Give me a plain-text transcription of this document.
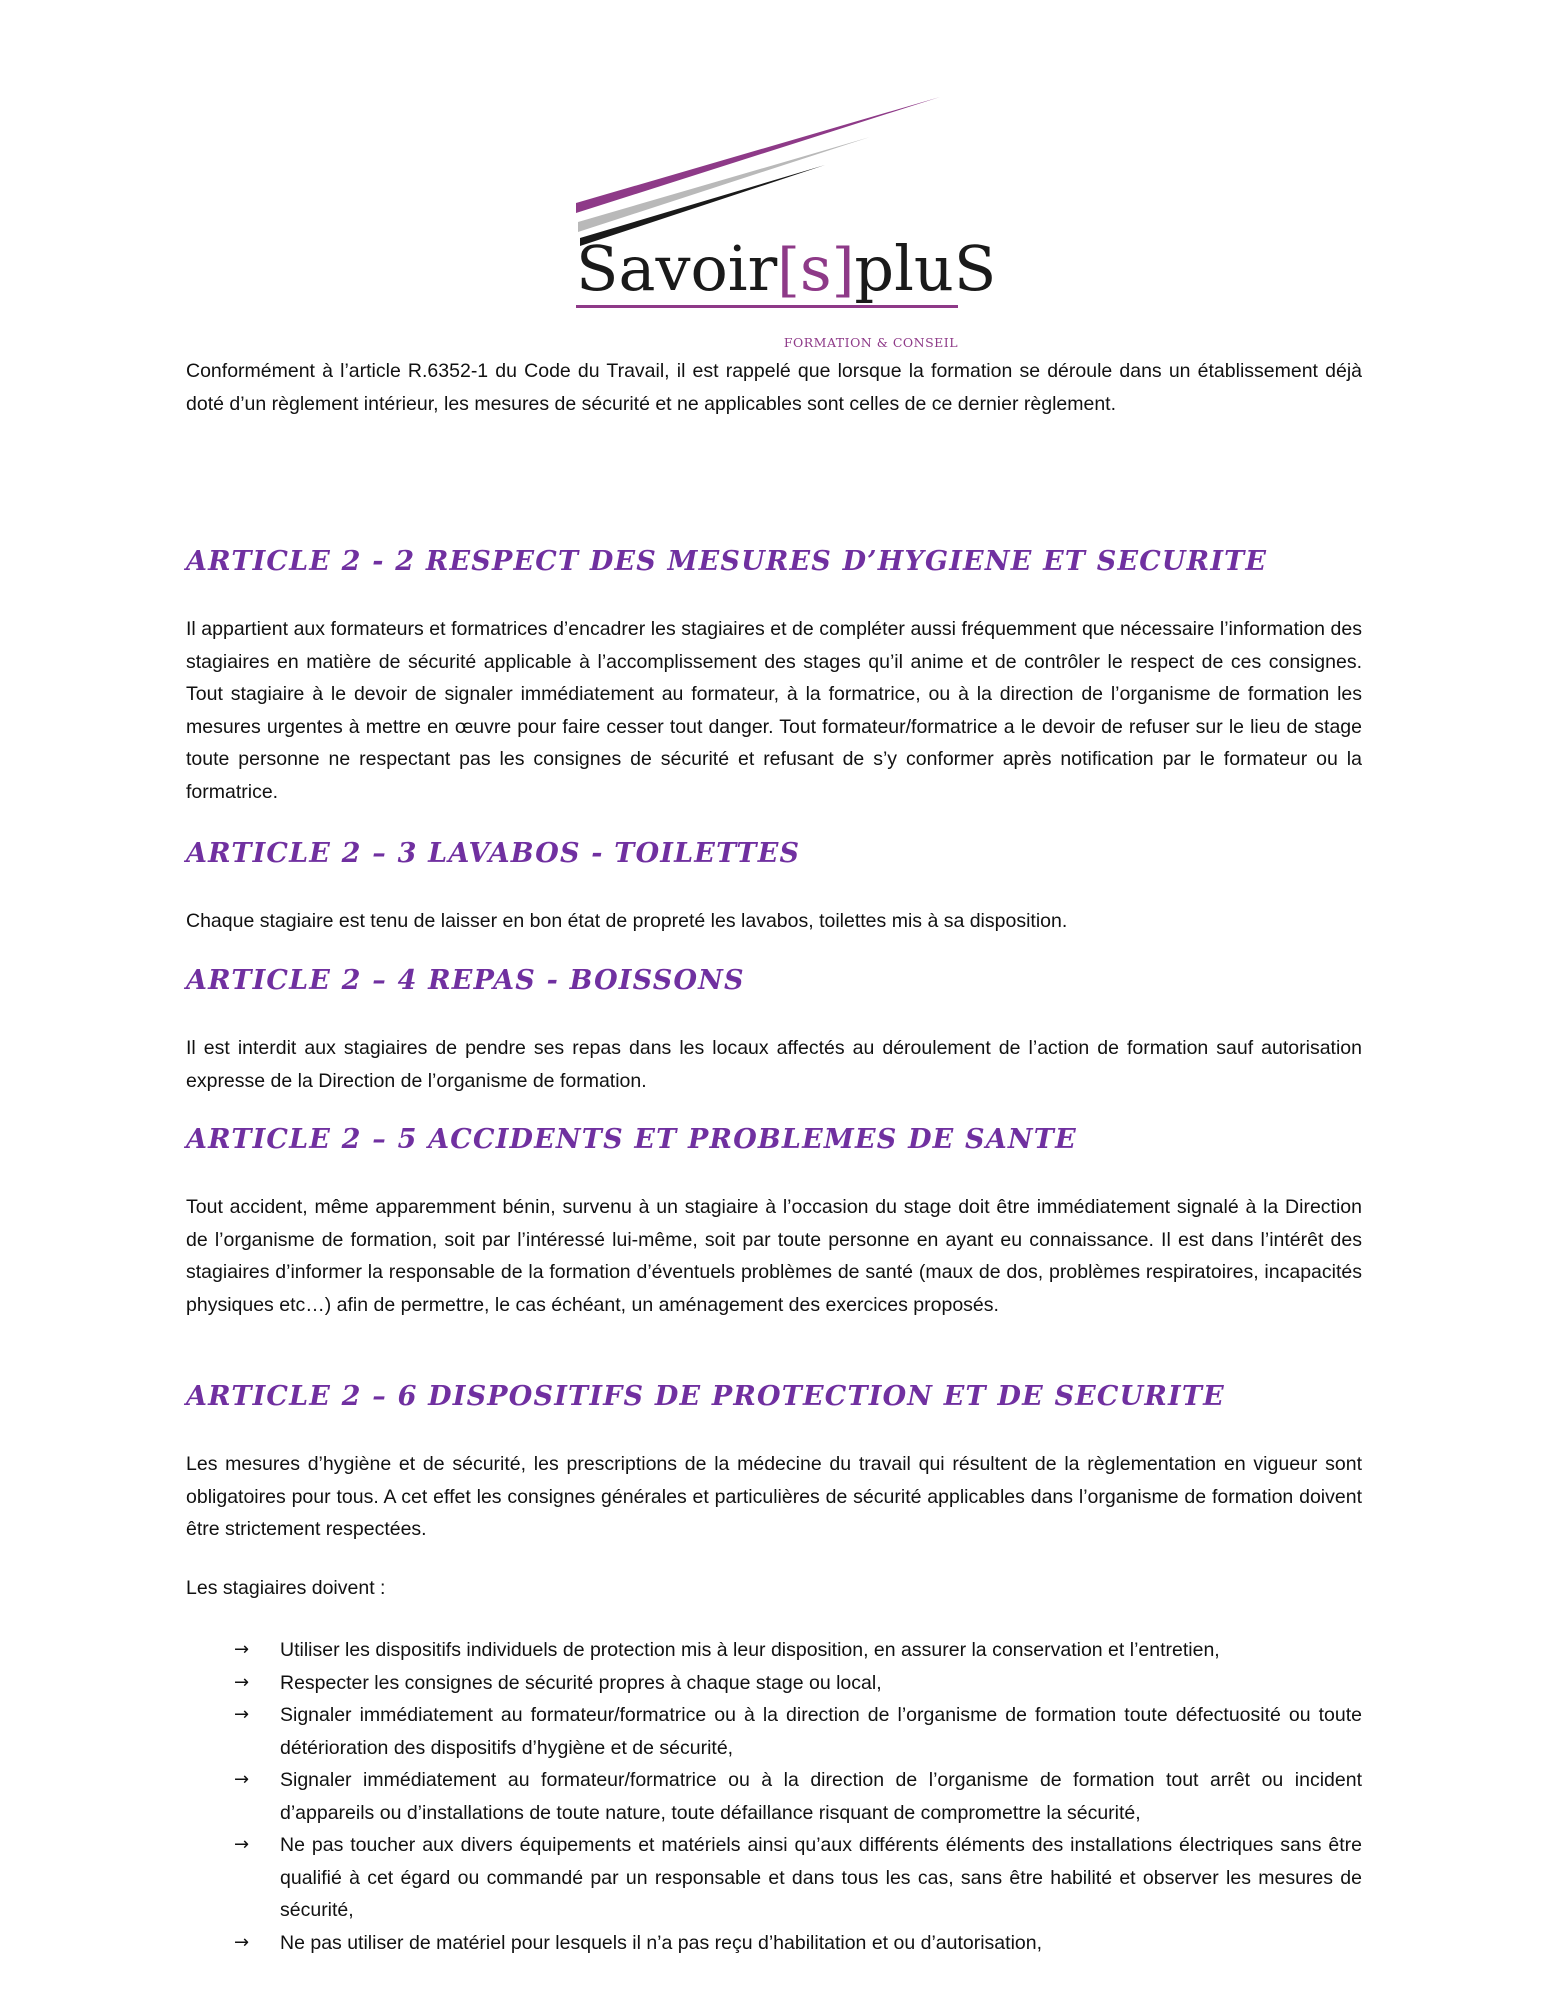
Savoir[s]pluS
FORMATION & CONSEIL

Conformément à l’article R.6352-1 du Code du Travail, il est rappelé que lorsque la formation se déroule dans un établissement déjà doté d’un règlement intérieur, les mesures de sécurité et ne applicables sont celles de ce dernier règlement.

ARTICLE 2 - 2 RESPECT DES MESURES D’HYGIENE ET SECURITE

Il appartient aux formateurs et formatrices d’encadrer les stagiaires et de compléter aussi fréquemment que nécessaire l’information des stagiaires en matière de sécurité applicable à l’accomplissement des stages qu’il anime et de contrôler le respect de ces consignes. Tout stagiaire à le devoir de signaler immédiatement au formateur, à la formatrice, ou à la direction de l’organisme de formation les mesures urgentes à mettre en œuvre pour faire cesser tout danger. Tout formateur/formatrice a le devoir de refuser sur le lieu de stage toute personne ne respectant pas les consignes de sécurité et refusant de s’y conformer après notification par le formateur ou la formatrice.

ARTICLE 2 – 3 LAVABOS - TOILETTES

Chaque stagiaire est tenu de laisser en bon état de propreté les lavabos, toilettes mis à sa disposition.

ARTICLE 2 – 4 REPAS - BOISSONS

Il est interdit aux stagiaires de pendre ses repas dans les locaux affectés au déroulement de l’action de formation sauf autorisation expresse de la Direction de l’organisme de formation.

ARTICLE 2 – 5 ACCIDENTS ET PROBLEMES DE SANTE

Tout accident, même apparemment bénin, survenu à un stagiaire à l’occasion du stage doit être immédiatement signalé à la Direction de l’organisme de formation, soit par l’intéressé lui-même, soit par toute personne en ayant eu connaissance. Il est dans l’intérêt des stagiaires d’informer la responsable de la formation d’éventuels problèmes de santé (maux de dos, problèmes respiratoires, incapacités physiques etc…) afin de permettre, le cas échéant, un aménagement des exercices proposés.

ARTICLE 2 – 6 DISPOSITIFS DE PROTECTION ET DE SECURITE

Les mesures d’hygiène et de sécurité, les prescriptions de la médecine du travail qui résultent de la règlementation en vigueur sont obligatoires pour tous. A cet effet les consignes générales et particulières de sécurité applicables dans l’organisme de formation doivent être strictement respectées.

Les stagiaires doivent :

→ Utiliser les dispositifs individuels de protection mis à leur disposition, en assurer la conservation et l’entretien,
→ Respecter les consignes de sécurité propres à chaque stage ou local,
→ Signaler immédiatement au formateur/formatrice ou à la direction de l’organisme de formation toute défectuosité ou toute détérioration des dispositifs d’hygiène et de sécurité,
→ Signaler immédiatement au formateur/formatrice ou à la direction de l’organisme de formation tout arrêt ou incident d’appareils ou d’installations de toute nature, toute défaillance risquant de compromettre la sécurité,
→ Ne pas toucher aux divers équipements et matériels ainsi qu’aux différents éléments des installations électriques sans être qualifié à cet égard ou commandé par un responsable et dans tous les cas, sans être habilité et observer les mesures de sécurité,
→ Ne pas utiliser de matériel pour lesquels il n’a pas reçu d’habilitation et ou d’autorisation,
